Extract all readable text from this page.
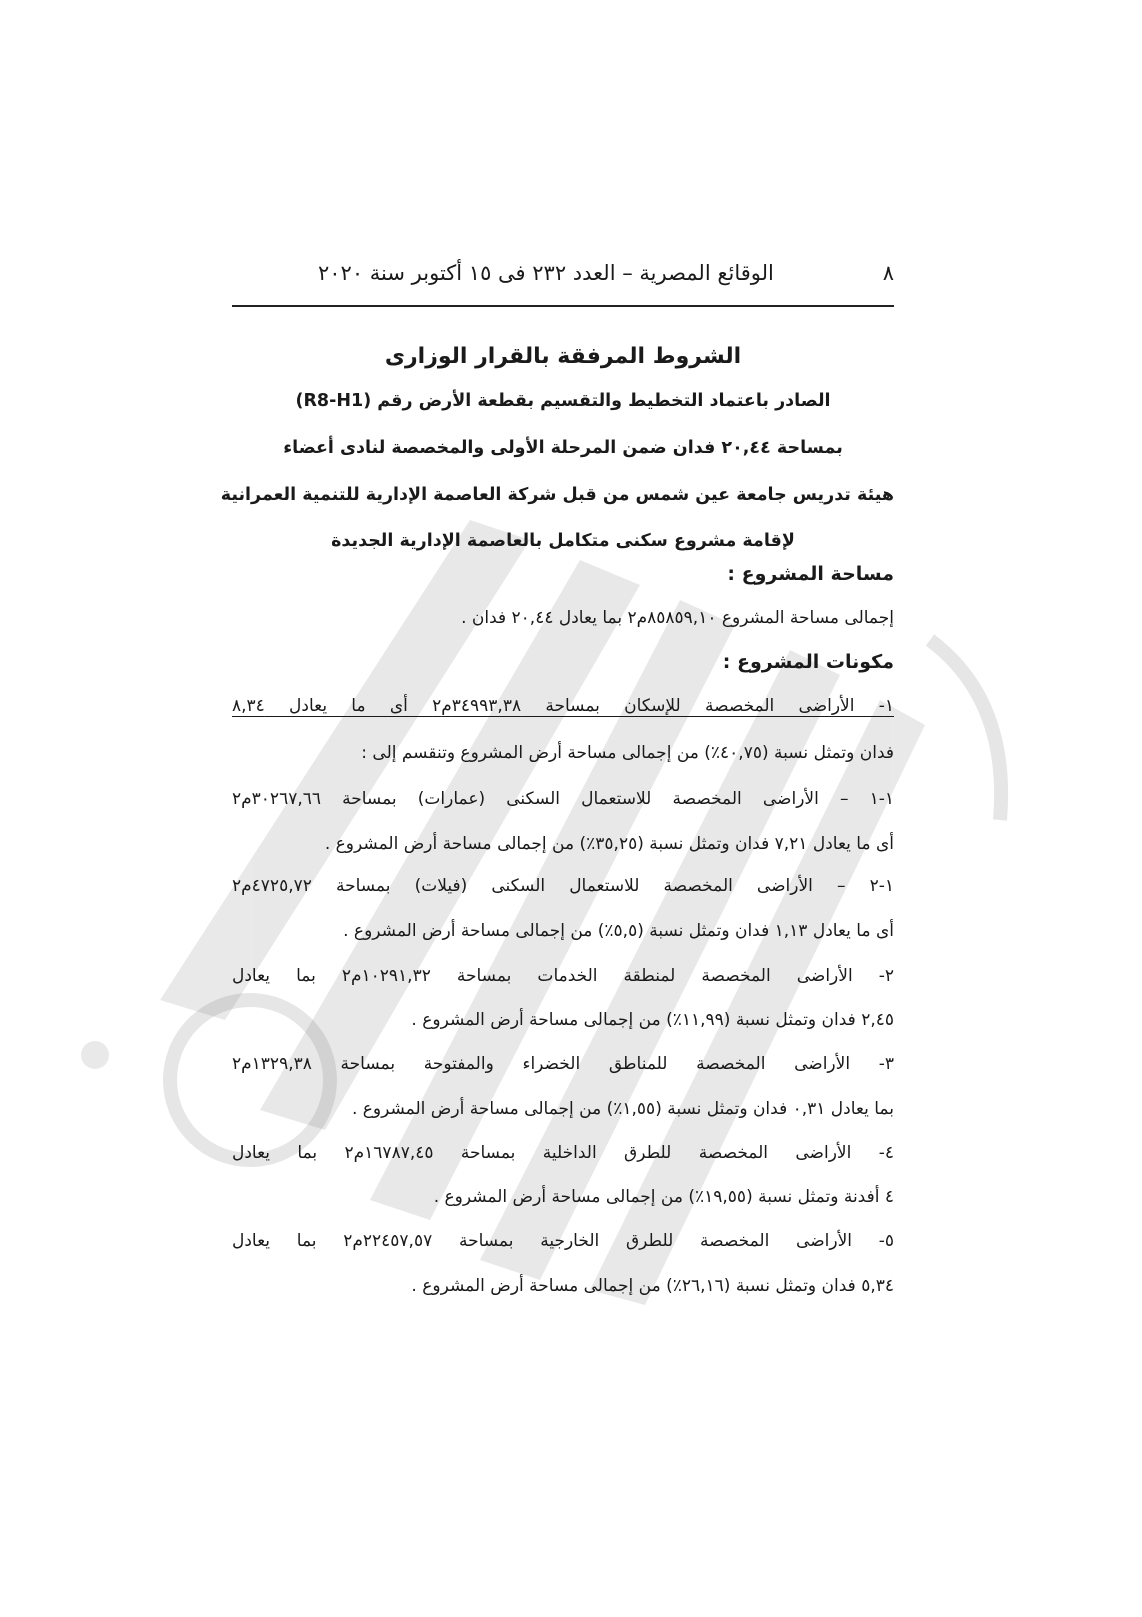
٨
الوقائع المصرية – العدد ٢٣٢ فى ١٥ أكتوبر سنة ٢٠٢٠
الشروط المرفقة بالقرار الوزارى
الصادر باعتماد التخطيط والتقسيم بقطعة الأرض رقم (R8-H1)
بمساحة ٢٠,٤٤ فدان ضمن المرحلة الأولى والمخصصة لنادى أعضاء
هيئة تدريس جامعة عين شمس من قبل شركة العاصمة الإدارية للتنمية العمرانية
لإقامة مشروع سكنى متكامل بالعاصمة الإدارية الجديدة
مساحة المشروع :
إجمالى مساحة المشروع ٨٥٨٥٩,١٠م٢ بما يعادل ٢٠,٤٤ فدان .
مكونات المشروع :
١- الأراضى المخصصة للإسكان بمساحة ٣٤٩٩٣,٣٨م٢ أى ما يعادل ٨,٣٤
فدان وتمثل نسبة (٤٠,٧٥٪) من إجمالى مساحة أرض المشروع وتنقسم إلى :
١-١ – الأراضى المخصصة للاستعمال السكنى (عمارات) بمساحة ٣٠٢٦٧,٦٦م٢
أى ما يعادل ٧,٢١ فدان وتمثل نسبة (٣٥,٢٥٪) من إجمالى مساحة أرض المشروع .
١-٢ – الأراضى المخصصة للاستعمال السكنى (فيلات) بمساحة ٤٧٢٥,٧٢م٢
أى ما يعادل ١,١٣ فدان وتمثل نسبة (٥,٥٪) من إجمالى مساحة أرض المشروع .
٢- الأراضى المخصصة لمنطقة الخدمات بمساحة ١٠٢٩١,٣٢م٢ بما يعادل
٢,٤٥ فدان وتمثل نسبة (١١,٩٩٪) من إجمالى مساحة أرض المشروع .
٣- الأراضى المخصصة للمناطق الخضراء والمفتوحة بمساحة ١٣٢٩,٣٨م٢
بما يعادل ٠,٣١ فدان وتمثل نسبة (١,٥٥٪) من إجمالى مساحة أرض المشروع .
٤- الأراضى المخصصة للطرق الداخلية بمساحة ١٦٧٨٧,٤٥م٢ بما يعادل
٤ أفدنة وتمثل نسبة (١٩,٥٥٪) من إجمالى مساحة أرض المشروع .
٥- الأراضى المخصصة للطرق الخارجية بمساحة ٢٢٤٥٧,٥٧م٢ بما يعادل
٥,٣٤ فدان وتمثل نسبة (٢٦,١٦٪) من إجمالى مساحة أرض المشروع .
